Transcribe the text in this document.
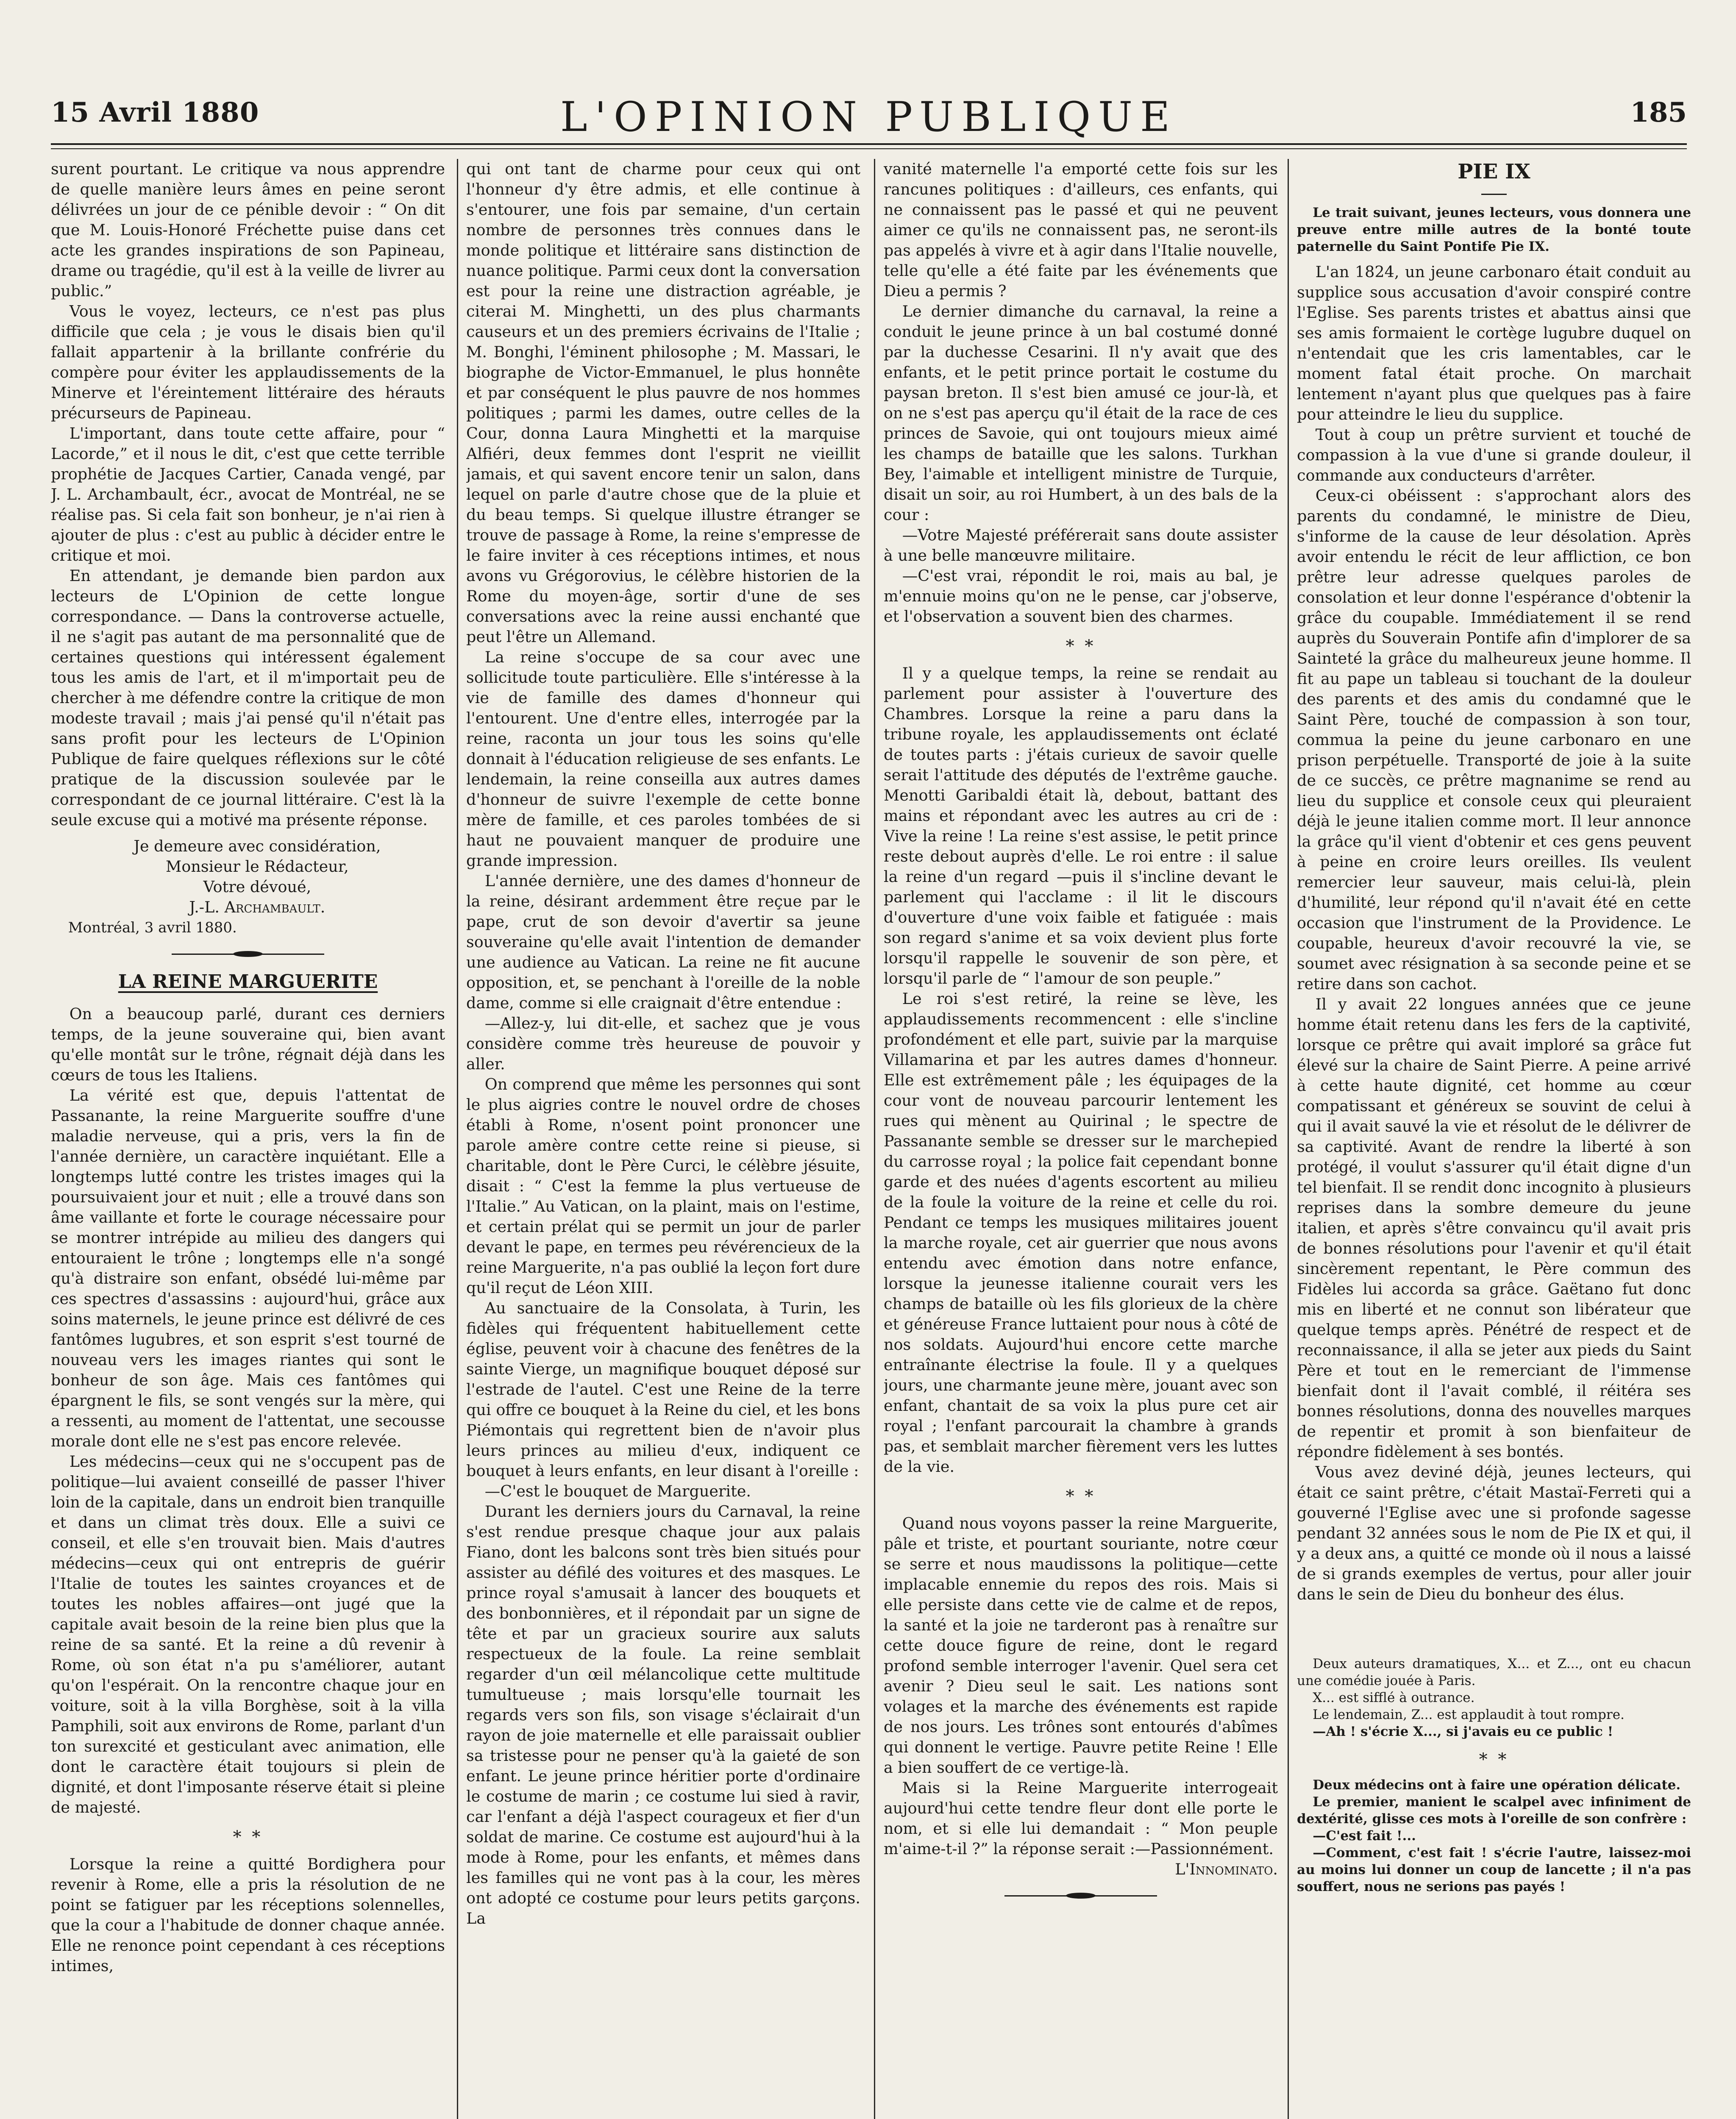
15 Avril 1880	L'OPINION PUBLIQUE	185

surent pourtant. Le critique va nous apprendre de quelle manière leurs âmes en peine seront délivrées un jour de ce pénible devoir : “ On dit que M. Louis-Honoré Fréchette puise dans cet acte les grandes inspirations de son Papineau, drame ou tragédie, qu'il est à la veille de livrer au public.”

Vous le voyez, lecteurs, ce n'est pas plus difficile que cela ; je vous le disais bien qu'il fallait appartenir à la brillante confrérie du compère pour éviter les applaudissements de la Minerve et l'éreintement littéraire des hérauts précurseurs de Papineau.

L'important, dans toute cette affaire, pour “ Lacorde,” et il nous le dit, c'est que cette terrible prophétie de Jacques Cartier, Canada vengé, par J. L. Archambault, écr., avocat de Montréal, ne se réalise pas. Si cela fait son bonheur, je n'ai rien à ajouter de plus : c'est au public à décider entre le critique et moi.

En attendant, je demande bien pardon aux lecteurs de L'Opinion de cette longue correspondance. — Dans la controverse actuelle, il ne s'agit pas autant de ma personnalité que de certaines questions qui intéressent également tous les amis de l'art, et il m'importait peu de chercher à me défendre contre la critique de mon modeste travail ; mais j'ai pensé qu'il n'était pas sans profit pour les lecteurs de L'Opinion Publique de faire quelques réflexions sur le côté pratique de la discussion soulevée par le correspondant de ce journal littéraire. C'est là la seule excuse qui a motivé ma présente réponse.

Je demeure avec considération,

Monsieur le Rédacteur,

Votre dévoué,

J.-L. Archambault.

Montréal, 3 avril 1880.

LA REINE MARGUERITE

On a beaucoup parlé, durant ces derniers temps, de la jeune souveraine qui, bien avant qu'elle montât sur le trône, régnait déjà dans les cœurs de tous les Italiens.

La vérité est que, depuis l'attentat de Passanante, la reine Marguerite souffre d'une maladie nerveuse, qui a pris, vers la fin de l'année dernière, un caractère inquiétant. Elle a longtemps lutté contre les tristes images qui la poursuivaient jour et nuit ; elle a trouvé dans son âme vaillante et forte le courage nécessaire pour se montrer intrépide au milieu des dangers qui entouraient le trône ; longtemps elle n'a songé qu'à distraire son enfant, obsédé lui-même par ces spectres d'assassins : aujourd'hui, grâce aux soins maternels, le jeune prince est délivré de ces fantômes lugubres, et son esprit s'est tourné de nouveau vers les images riantes qui sont le bonheur de son âge. Mais ces fantômes qui épargnent le fils, se sont vengés sur la mère, qui a ressenti, au moment de l'attentat, une secousse morale dont elle ne s'est pas encore relevée.

Les médecins—ceux qui ne s'occupent pas de politique—lui avaient conseillé de passer l'hiver loin de la capitale, dans un endroit bien tranquille et dans un climat très doux. Elle a suivi ce conseil, et elle s'en trouvait bien. Mais d'autres médecins—ceux qui ont entrepris de guérir l'Italie de toutes les saintes croyances et de toutes les nobles affaires—ont jugé que la capitale avait besoin de la reine bien plus que la reine de sa santé. Et la reine a dû revenir à Rome, où son état n'a pu s'améliorer, autant qu'on l'espérait. On la rencontre chaque jour en voiture, soit à la villa Borghèse, soit à la villa Pamphili, soit aux environs de Rome, parlant d'un ton surexcité et gesticulant avec animation, elle dont le caractère était toujours si plein de dignité, et dont l'imposante réserve était si pleine de majesté.

* *

Lorsque la reine a quitté Bordighera pour revenir à Rome, elle a pris la résolution de ne point se fatiguer par les réceptions solennelles, que la cour a l'habitude de donner chaque année. Elle ne renonce point cependant à ces réceptions intimes,

qui ont tant de charme pour ceux qui ont l'honneur d'y être admis, et elle continue à s'entourer, une fois par semaine, d'un certain nombre de personnes très connues dans le monde politique et littéraire sans distinction de nuance politique. Parmi ceux dont la conversation est pour la reine une distraction agréable, je citerai M. Minghetti, un des plus charmants causeurs et un des premiers écrivains de l'Italie ; M. Bonghi, l'éminent philosophe ; M. Massari, le biographe de Victor-Emmanuel, le plus honnête et par conséquent le plus pauvre de nos hommes politiques ; parmi les dames, outre celles de la Cour, donna Laura Minghetti et la marquise Alfiéri, deux femmes dont l'esprit ne vieillit jamais, et qui savent encore tenir un salon, dans lequel on parle d'autre chose que de la pluie et du beau temps. Si quelque illustre étranger se trouve de passage à Rome, la reine s'empresse de le faire inviter à ces réceptions intimes, et nous avons vu Grégorovius, le célèbre historien de la Rome du moyen-âge, sortir d'une de ses conversations avec la reine aussi enchanté que peut l'être un Allemand.

La reine s'occupe de sa cour avec une sollicitude toute particulière. Elle s'intéresse à la vie de famille des dames d'honneur qui l'entourent. Une d'entre elles, interrogée par la reine, raconta un jour tous les soins qu'elle donnait à l'éducation religieuse de ses enfants. Le lendemain, la reine conseilla aux autres dames d'honneur de suivre l'exemple de cette bonne mère de famille, et ces paroles tombées de si haut ne pouvaient manquer de produire une grande impression.

L'année dernière, une des dames d'honneur de la reine, désirant ardemment être reçue par le pape, crut de son devoir d'avertir sa jeune souveraine qu'elle avait l'intention de demander une audience au Vatican. La reine ne fit aucune opposition, et, se penchant à l'oreille de la noble dame, comme si elle craignait d'être entendue :

—Allez-y, lui dit-elle, et sachez que je vous considère comme très heureuse de pouvoir y aller.

On comprend que même les personnes qui sont le plus aigries contre le nouvel ordre de choses établi à Rome, n'osent point prononcer une parole amère contre cette reine si pieuse, si charitable, dont le Père Curci, le célèbre jésuite, disait : “ C'est la femme la plus vertueuse de l'Italie.” Au Vatican, on la plaint, mais on l'estime, et certain prélat qui se permit un jour de parler devant le pape, en termes peu révérencieux de la reine Marguerite, n'a pas oublié la leçon fort dure qu'il reçut de Léon XIII.

Au sanctuaire de la Consolata, à Turin, les fidèles qui fréquentent habituellement cette église, peuvent voir à chacune des fenêtres de la sainte Vierge, un magnifique bouquet déposé sur l'estrade de l'autel. C'est une Reine de la terre qui offre ce bouquet à la Reine du ciel, et les bons Piémontais qui regrettent bien de n'avoir plus leurs princes au milieu d'eux, indiquent ce bouquet à leurs enfants, en leur disant à l'oreille :

—C'est le bouquet de Marguerite.

Durant les derniers jours du Carnaval, la reine s'est rendue presque chaque jour aux palais Fiano, dont les balcons sont très bien situés pour assister au défilé des voitures et des masques. Le prince royal s'amusait à lancer des bouquets et des bonbonnières, et il répondait par un signe de tête et par un gracieux sourire aux saluts respectueux de la foule. La reine semblait regarder d'un œil mélancolique cette multitude tumultueuse ; mais lorsqu'elle tournait les regards vers son fils, son visage s'éclairait d'un rayon de joie maternelle et elle paraissait oublier sa tristesse pour ne penser qu'à la gaieté de son enfant. Le jeune prince héritier porte d'ordinaire le costume de marin ; ce costume lui sied à ravir, car l'enfant a déjà l'aspect courageux et fier d'un soldat de marine. Ce costume est aujourd'hui à la mode à Rome, pour les enfants, et mêmes dans les familles qui ne vont pas à la cour, les mères ont adopté ce costume pour leurs petits garçons. La

vanité maternelle l'a emporté cette fois sur les rancunes politiques : d'ailleurs, ces enfants, qui ne connaissent pas le passé et qui ne peuvent aimer ce qu'ils ne connaissent pas, ne seront-ils pas appelés à vivre et à agir dans l'Italie nouvelle, telle qu'elle a été faite par les événements que Dieu a permis ?

Le dernier dimanche du carnaval, la reine a conduit le jeune prince à un bal costumé donné par la duchesse Cesarini. Il n'y avait que des enfants, et le petit prince portait le costume du paysan breton. Il s'est bien amusé ce jour-là, et on ne s'est pas aperçu qu'il était de la race de ces princes de Savoie, qui ont toujours mieux aimé les champs de bataille que les salons. Turkhan Bey, l'aimable et intelligent ministre de Turquie, disait un soir, au roi Humbert, à un des bals de la cour :

—Votre Majesté préférerait sans doute assister à une belle manœuvre militaire.

—C'est vrai, répondit le roi, mais au bal, je m'ennuie moins qu'on ne le pense, car j'observe, et l'observation a souvent bien des charmes.

* *

Il y a quelque temps, la reine se rendait au parlement pour assister à l'ouverture des Chambres. Lorsque la reine a paru dans la tribune royale, les applaudissements ont éclaté de toutes parts : j'étais curieux de savoir quelle serait l'attitude des députés de l'extrême gauche. Menotti Garibaldi était là, debout, battant des mains et répondant avec les autres au cri de : Vive la reine ! La reine s'est assise, le petit prince reste debout auprès d'elle. Le roi entre : il salue la reine d'un regard —puis il s'incline devant le parlement qui l'acclame : il lit le discours d'ouverture d'une voix faible et fatiguée : mais son regard s'anime et sa voix devient plus forte lorsqu'il rappelle le souvenir de son père, et lorsqu'il parle de “ l'amour de son peuple.”

Le roi s'est retiré, la reine se lève, les applaudissements recommencent : elle s'incline profondément et elle part, suivie par la marquise Villamarina et par les autres dames d'honneur. Elle est extrêmement pâle ; les équipages de la cour vont de nouveau parcourir lentement les rues qui mènent au Quirinal ; le spectre de Passanante semble se dresser sur le marchepied du carrosse royal ; la police fait cependant bonne garde et des nuées d'agents escortent au milieu de la foule la voiture de la reine et celle du roi. Pendant ce temps les musiques militaires jouent la marche royale, cet air guerrier que nous avons entendu avec émotion dans notre enfance, lorsque la jeunesse italienne courait vers les champs de bataille où les fils glorieux de la chère et généreuse France luttaient pour nous à côté de nos soldats. Aujourd'hui encore cette marche entraînante électrise la foule. Il y a quelques jours, une charmante jeune mère, jouant avec son enfant, chantait de sa voix la plus pure cet air royal ; l'enfant parcourait la chambre à grands pas, et semblait marcher fièrement vers les luttes de la vie.

* *

Quand nous voyons passer la reine Marguerite, pâle et triste, et pourtant souriante, notre cœur se serre et nous maudissons la politique—cette implacable ennemie du repos des rois. Mais si elle persiste dans cette vie de calme et de repos, la santé et la joie ne tarderont pas à renaître sur cette douce figure de reine, dont le regard profond semble interroger l'avenir. Quel sera cet avenir ? Dieu seul le sait. Les nations sont volages et la marche des événements est rapide de nos jours. Les trônes sont entourés d'abîmes qui donnent le vertige. Pauvre petite Reine ! Elle a bien souffert de ce vertige-là.

Mais si la Reine Marguerite interrogeait aujourd'hui cette tendre fleur dont elle porte le nom, et si elle lui demandait : “ Mon peuple m'aime-t-il ?” la réponse serait :—Passionnément.

L'Innominato.

PIE IX

Le trait suivant, jeunes lecteurs, vous donnera une preuve entre mille autres de la bonté toute paternelle du Saint Pontife Pie IX.

L'an 1824, un jeune carbonaro était conduit au supplice sous accusation d'avoir conspiré contre l'Eglise. Ses parents tristes et abattus ainsi que ses amis formaient le cortège lugubre duquel on n'entendait que les cris lamentables, car le moment fatal était proche. On marchait lentement n'ayant plus que quelques pas à faire pour atteindre le lieu du supplice.

Tout à coup un prêtre survient et touché de compassion à la vue d'une si grande douleur, il commande aux conducteurs d'arrêter.

Ceux-ci obéissent : s'approchant alors des parents du condamné, le ministre de Dieu, s'informe de la cause de leur désolation. Après avoir entendu le récit de leur affliction, ce bon prêtre leur adresse quelques paroles de consolation et leur donne l'espérance d'obtenir la grâce du coupable. Immédiatement il se rend auprès du Souverain Pontife afin d'implorer de sa Sainteté la grâce du malheureux jeune homme. Il fit au pape un tableau si touchant de la douleur des parents et des amis du condamné que le Saint Père, touché de compassion à son tour, commua la peine du jeune carbonaro en une prison perpétuelle. Transporté de joie à la suite de ce succès, ce prêtre magnanime se rend au lieu du supplice et console ceux qui pleuraient déjà le jeune italien comme mort. Il leur annonce la grâce qu'il vient d'obtenir et ces gens peuvent à peine en croire leurs oreilles. Ils veulent remercier leur sauveur, mais celui-là, plein d'humilité, leur répond qu'il n'avait été en cette occasion que l'instrument de la Providence. Le coupable, heureux d'avoir recouvré la vie, se soumet avec résignation à sa seconde peine et se retire dans son cachot.

Il y avait 22 longues années que ce jeune homme était retenu dans les fers de la captivité, lorsque ce prêtre qui avait imploré sa grâce fut élevé sur la chaire de Saint Pierre. A peine arrivé à cette haute dignité, cet homme au cœur compatissant et généreux se souvint de celui à qui il avait sauvé la vie et résolut de le délivrer de sa captivité. Avant de rendre la liberté à son protégé, il voulut s'assurer qu'il était digne d'un tel bienfait. Il se rendit donc incognito à plusieurs reprises dans la sombre demeure du jeune italien, et après s'être convaincu qu'il avait pris de bonnes résolutions pour l'avenir et qu'il était sincèrement repentant, le Père commun des Fidèles lui accorda sa grâce. Gaëtano fut donc mis en liberté et ne connut son libérateur que quelque temps après. Pénétré de respect et de reconnaissance, il alla se jeter aux pieds du Saint Père et tout en le remerciant de l'immense bienfait dont il l'avait comblé, il réitéra ses bonnes résolutions, donna des nouvelles marques de repentir et promit à son bienfaiteur de répondre fidèlement à ses bontés.

Vous avez deviné déjà, jeunes lecteurs, qui était ce saint prêtre, c'était Mastaï-Ferreti qui a gouverné l'Eglise avec une si profonde sagesse pendant 32 années sous le nom de Pie IX et qui, il y a deux ans, a quitté ce monde où il nous a laissé de si grands exemples de vertus, pour aller jouir dans le sein de Dieu du bonheur des élus.

Deux auteurs dramatiques, X... et Z..., ont eu chacun une comédie jouée à Paris.

X... est sifflé à outrance.

Le lendemain, Z... est applaudit à tout rompre.

—Ah ! s'écrie X..., si j'avais eu ce public !

* *

Deux médecins ont à faire une opération délicate.

Le premier, manient le scalpel avec infiniment de dextérité, glisse ces mots à l'oreille de son confrère :

—C'est fait !...

—Comment, c'est fait ! s'écrie l'autre, laissez-moi au moins lui donner un coup de lancette ; il n'a pas souffert, nous ne serions pas payés !
